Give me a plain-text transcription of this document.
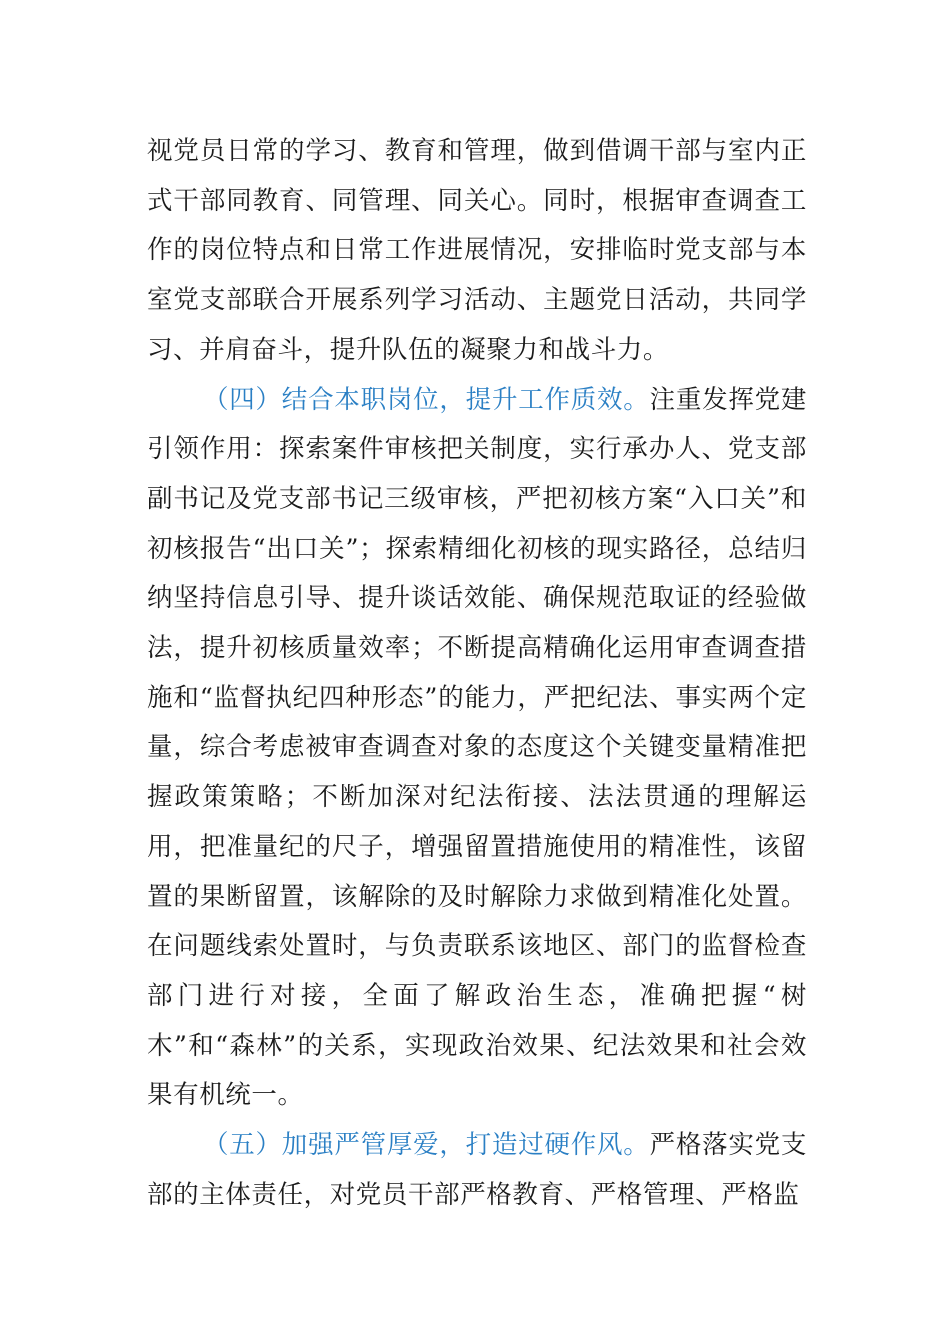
视党员日常的学习、教育和管理，做到借调干部与室内正式干部同教育、同管理、同关心。同时，根据审查调查工作的岗位特点和日常工作进展情况，安排临时党支部与本室党支部联合开展系列学习活动、主题党日活动，共同学习、并肩奋斗，提升队伍的凝聚力和战斗力。

（四）结合本职岗位，提升工作质效。注重发挥党建引领作用：探索案件审核把关制度，实行承办人、党支部副书记及党支部书记三级审核，严把初核方案“入口关”和初核报告“出口关”；探索精细化初核的现实路径，总结归纳坚持信息引导、提升谈话效能、确保规范取证的经验做法，提升初核质量效率；不断提高精确化运用审查调查措施和“监督执纪四种形态”的能力，严把纪法、事实两个定量，综合考虑被审查调查对象的态度这个关键变量精准把握政策策略；不断加深对纪法衔接、法法贯通的理解运用，把准量纪的尺子，增强留置措施使用的精准性，该留置的果断留置，该解除的及时解除力求做到精准化处置。在问题线索处置时，与负责联系该地区、部门的监督检查部门进行对接，全面了解政治生态，准确把握“树木”和“森林”的关系，实现政治效果、纪法效果和社会效果有机统一。

（五）加强严管厚爱，打造过硬作风。严格落实党支部的主体责任，对党员干部严格教育、严格管理、严格监
